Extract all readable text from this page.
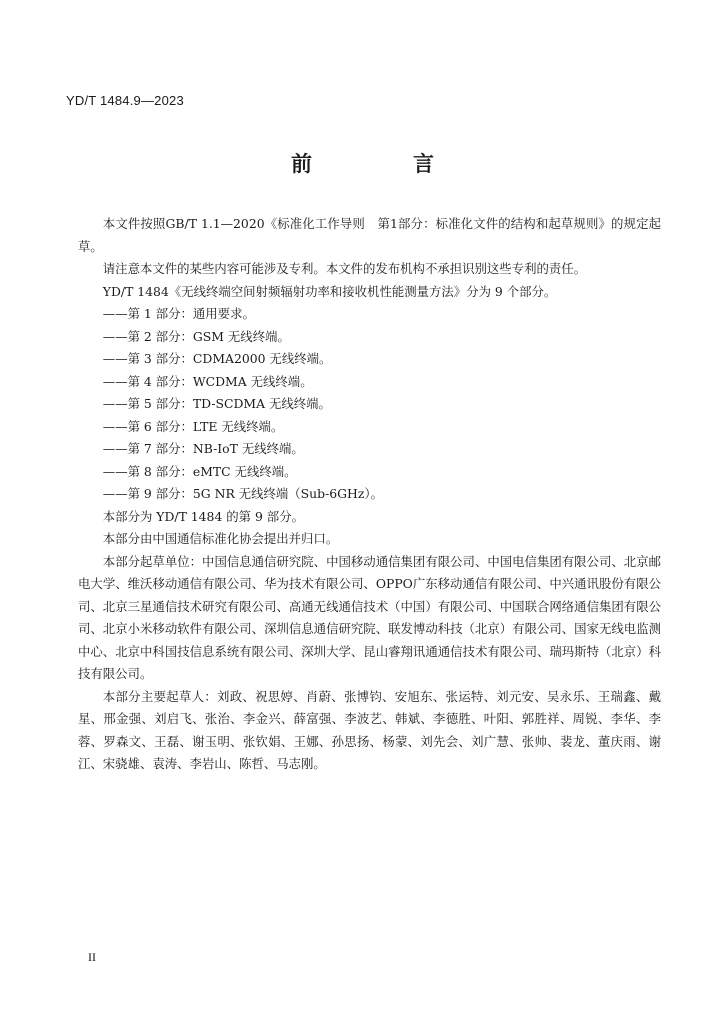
YD/T 1484.9—2023
前　言

本文件按照GB/T 1.1—2020《标准化工作导则　第1部分：标准化文件的结构和起草规则》的规定起草。

请注意本文件的某些内容可能涉及专利。本文件的发布机构不承担识别这些专利的责任。

YD/T 1484《无线终端空间射频辐射功率和接收机性能测量方法》分为 9 个部分。

——第 1 部分：通用要求。

——第 2 部分：GSM 无线终端。

——第 3 部分：CDMA2000 无线终端。

——第 4 部分：WCDMA 无线终端。

——第 5 部分：TD-SCDMA 无线终端。

——第 6 部分：LTE 无线终端。

——第 7 部分：NB-IoT 无线终端。

——第 8 部分：eMTC 无线终端。

——第 9 部分：5G NR 无线终端（Sub-6GHz）。

本部分为 YD/T 1484 的第 9 部分。

本部分由中国通信标准化协会提出并归口。

本部分起草单位：中国信息通信研究院、中国移动通信集团有限公司、中国电信集团有限公司、北京邮电大学、维沃移动通信有限公司、华为技术有限公司、OPPO广东移动通信有限公司、中兴通讯股份有限公司、北京三星通信技术研究有限公司、高通无线通信技术（中国）有限公司、中国联合网络通信集团有限公司、北京小米移动软件有限公司、深圳信息通信研究院、联发博动科技（北京）有限公司、国家无线电监测中心、北京中科国技信息系统有限公司、深圳大学、昆山睿翔讯通通信技术有限公司、瑞玛斯特（北京）科技有限公司。

本部分主要起草人：刘政、祝思婷、肖蔚、张博钧、安旭东、张运特、刘元安、吴永乐、王瑞鑫、戴星、邢金强、刘启飞、张治、李金兴、薛富强、李波艺、韩斌、李德胜、叶阳、郭胜祥、周锐、李华、李蓉、罗森文、王磊、谢玉明、张钦娟、王娜、孙思扬、杨蒙、刘先会、刘广慧、张帅、裴龙、董庆雨、谢江、宋骁雄、袁涛、李岩山、陈哲、马志刚。

II
